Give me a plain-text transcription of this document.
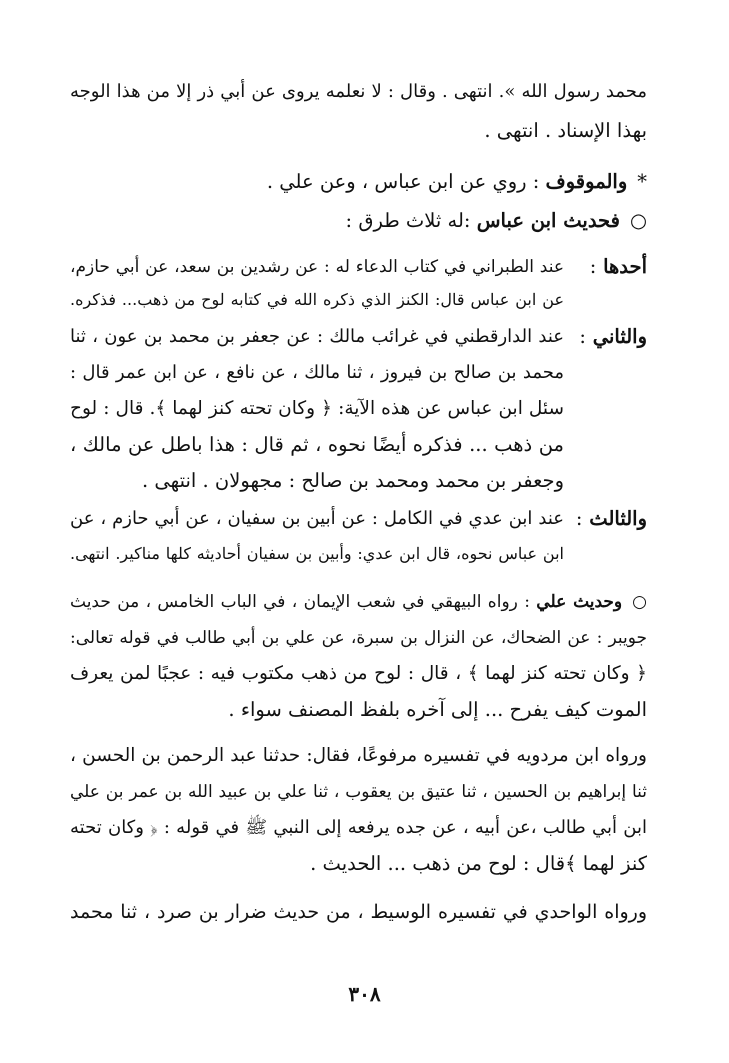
محمد رسول الله ». انتهى . وقال : لا نعلمه يروى عن أبي ذر إلا من هذا الوجه
بهذا الإسناد . انتهى .
*والموقوف : روي عن ابن عباس ، وعن علي .
○فحديث ابن عباس :له ثلاث طرق :
أحدها :
عند الطبراني في كتاب الدعاء له : عن رشدين بن سعد، عن أبي حازم،
عن ابن عباس قال: الكنز الذي ذكره الله في كتابه لوح من ذهب... فذكره.
والثاني :
عند الدارقطني في غرائب مالك : عن جعفر بن محمد بن عون ، ثنا
محمد بن صالح بن فيروز ، ثنا مالك ، عن نافع ، عن ابن عمر قال :
سئل ابن عباس عن هذه الآية: ﴿ وكان تحته كنز لهما ﴾. قال : لوح
من ذهب ... فذكره أيضًا نحوه ، ثم قال : هذا باطل عن مالك ،
وجعفر بن محمد ومحمد بن صالح : مجهولان . انتهى .
والثالث :
عند ابن عدي في الكامل : عن أبين بن سفيان ، عن أبي حازم ، عن
ابن عباس نحوه، قال ابن عدي: وأبين بن سفيان أحاديثه كلها مناكير. انتهى.
○وحديث علي : رواه البيهقي في شعب الإيمان ، في الباب الخامس ، من حديث
جويبر : عن الضحاك، عن النزال بن سبرة، عن علي بن أبي طالب في قوله تعالى:
﴿ وكان تحته كنز لهما ﴾ ، قال : لوح من ذهب مكتوب فيه : عجبًا لمن يعرف
الموت كيف يفرح ... إلى آخره بلفظ المصنف سواء .
ورواه ابن مردويه في تفسيره مرفوعًا، فقال: حدثنا عبد الرحمن بن الحسن ،
ثنا إبراهيم بن الحسين ، ثنا عتيق بن يعقوب ، ثنا علي بن عبيد الله بن عمر بن علي
ابن أبي طالب ،عن أبيه ، عن جده يرفعه إلى النبي ﷺ في قوله : ﴿ وكان تحته
كنز لهما ﴾قال : لوح من ذهب ... الحديث .
ورواه الواحدي في تفسيره الوسيط ، من حديث ضرار بن صرد ، ثنا محمد
٣٠٨
